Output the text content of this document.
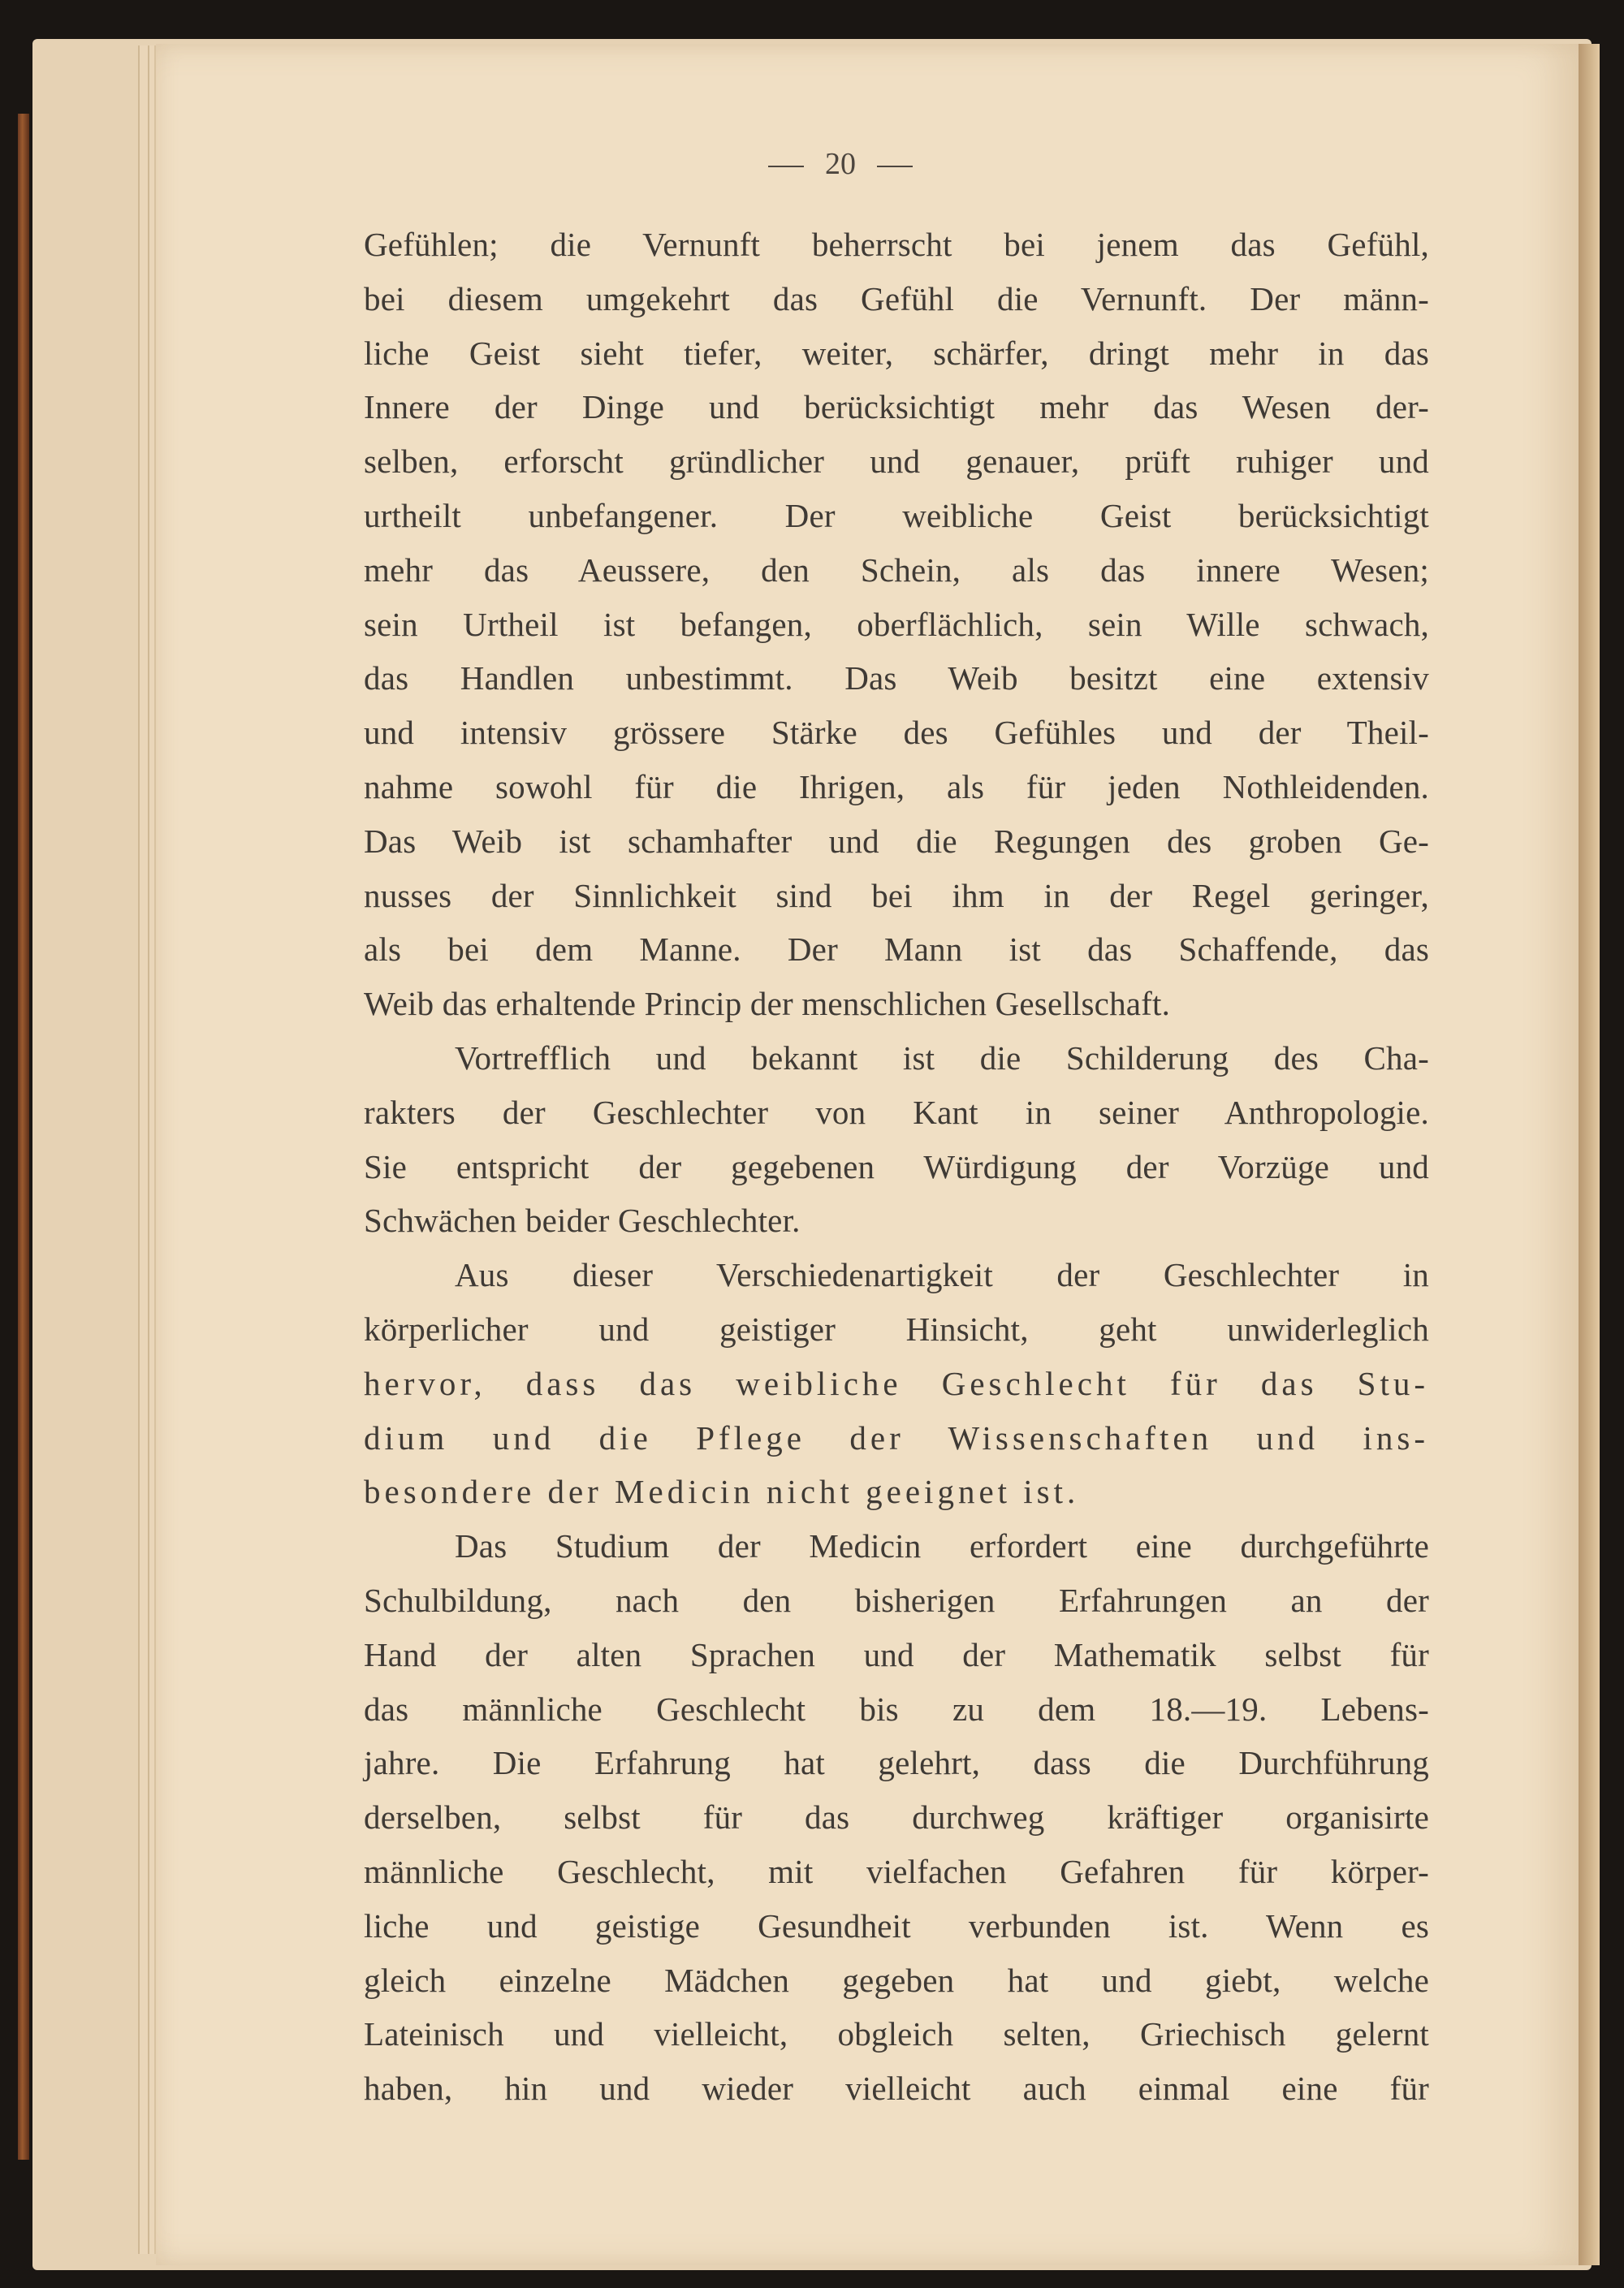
20
Gefühlen; die Vernunft beherrscht bei jenem das Gefühl,
bei diesem umgekehrt das Gefühl die Vernunft. Der männ-
liche Geist sieht tiefer, weiter, schärfer, dringt mehr in das
Innere der Dinge und berücksichtigt mehr das Wesen der-
selben, erforscht gründlicher und genauer, prüft ruhiger und
urtheilt unbefangener. Der weibliche Geist berücksichtigt
mehr das Aeussere, den Schein, als das innere Wesen;
sein Urtheil ist befangen, oberflächlich, sein Wille schwach,
das Handlen unbestimmt. Das Weib besitzt eine extensiv
und intensiv grössere Stärke des Gefühles und der Theil-
nahme sowohl für die Ihrigen, als für jeden Nothleidenden.
Das Weib ist schamhafter und die Regungen des groben Ge-
nusses der Sinnlichkeit sind bei ihm in der Regel geringer,
als bei dem Manne. Der Mann ist das Schaffende, das
Weib das erhaltende Princip der menschlichen Gesellschaft.
Vortrefflich und bekannt ist die Schilderung des Cha-
rakters der Geschlechter von Kant in seiner Anthropologie.
Sie entspricht der gegebenen Würdigung der Vorzüge und
Schwächen beider Geschlechter.
Aus dieser Verschiedenartigkeit der Geschlechter in
körperlicher und geistiger Hinsicht, geht unwiderleglich
hervor, dass das weibliche Geschlecht für das Stu-
dium und die Pflege der Wissenschaften und ins-
besondere der Medicin nicht geeignet ist.
Das Studium der Medicin erfordert eine durchgeführte
Schulbildung, nach den bisherigen Erfahrungen an der
Hand der alten Sprachen und der Mathematik selbst für
das männliche Geschlecht bis zu dem 18.—19. Lebens-
jahre. Die Erfahrung hat gelehrt, dass die Durchführung
derselben, selbst für das durchweg kräftiger organisirte
männliche Geschlecht, mit vielfachen Gefahren für körper-
liche und geistige Gesundheit verbunden ist. Wenn es
gleich einzelne Mädchen gegeben hat und giebt, welche
Lateinisch und vielleicht, obgleich selten, Griechisch gelernt
haben, hin und wieder vielleicht auch einmal eine für
